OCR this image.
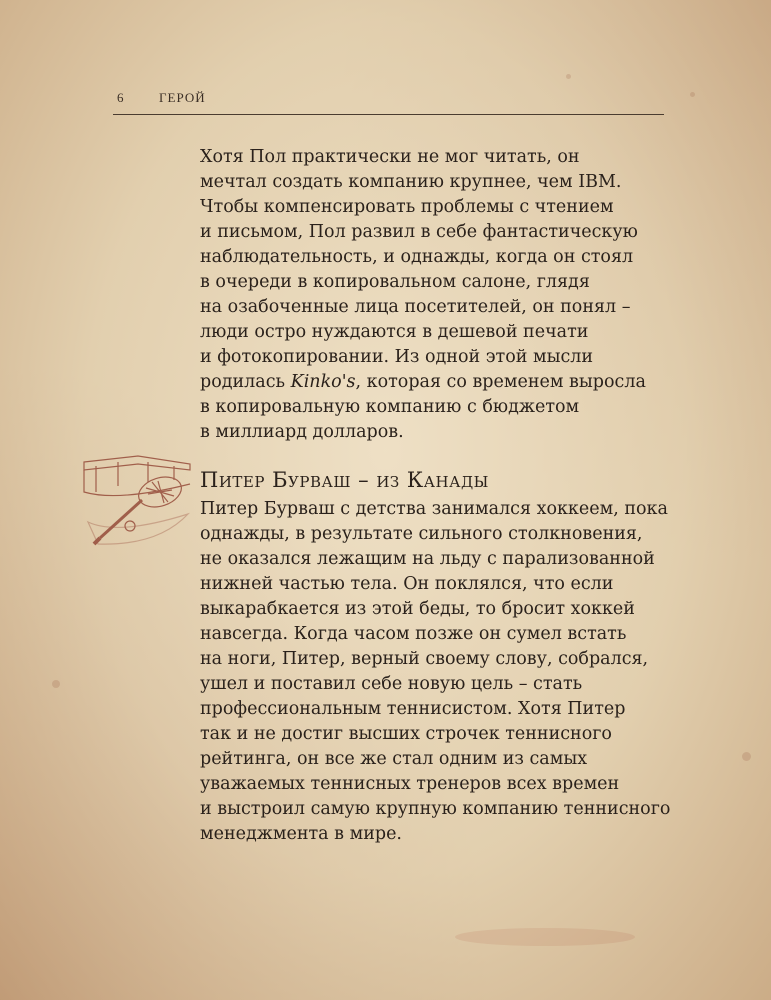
6	ГЕРОЙ
Хотя Пол практически не мог читать, он
мечтал создать компанию крупнее, чем IBM.
Чтобы компенсировать проблемы с чтением
и письмом, Пол развил в себе фантастическую
наблюдательность, и однажды, когда он стоял
в очереди в копировальном салоне, глядя
на озабоченные лица посетителей, он понял –
люди остро нуждаются в дешевой печати
и фотокопировании. Из одной этой мысли
родилась Kinko's, которая со временем выросла
в копировальную компанию с бюджетом
в миллиард долларов.
Питер Бурваш – из Канады
Питер Бурваш с детства занимался хоккеем, пока
однажды, в результате сильного столкновения,
не оказался лежащим на льду с парализованной
нижней частью тела. Он поклялся, что если
выкарабкается из этой беды, то бросит хоккей
навсегда. Когда часом позже он сумел встать
на ноги, Питер, верный своему слову, собрался,
ушел и поставил себе новую цель – стать
профессиональным теннисистом. Хотя Питер
так и не достиг высших строчек теннисного
рейтинга, он все же стал одним из самых
уважаемых теннисных тренеров всех времен
и выстроил самую крупную компанию теннисного
менеджмента в мире.
